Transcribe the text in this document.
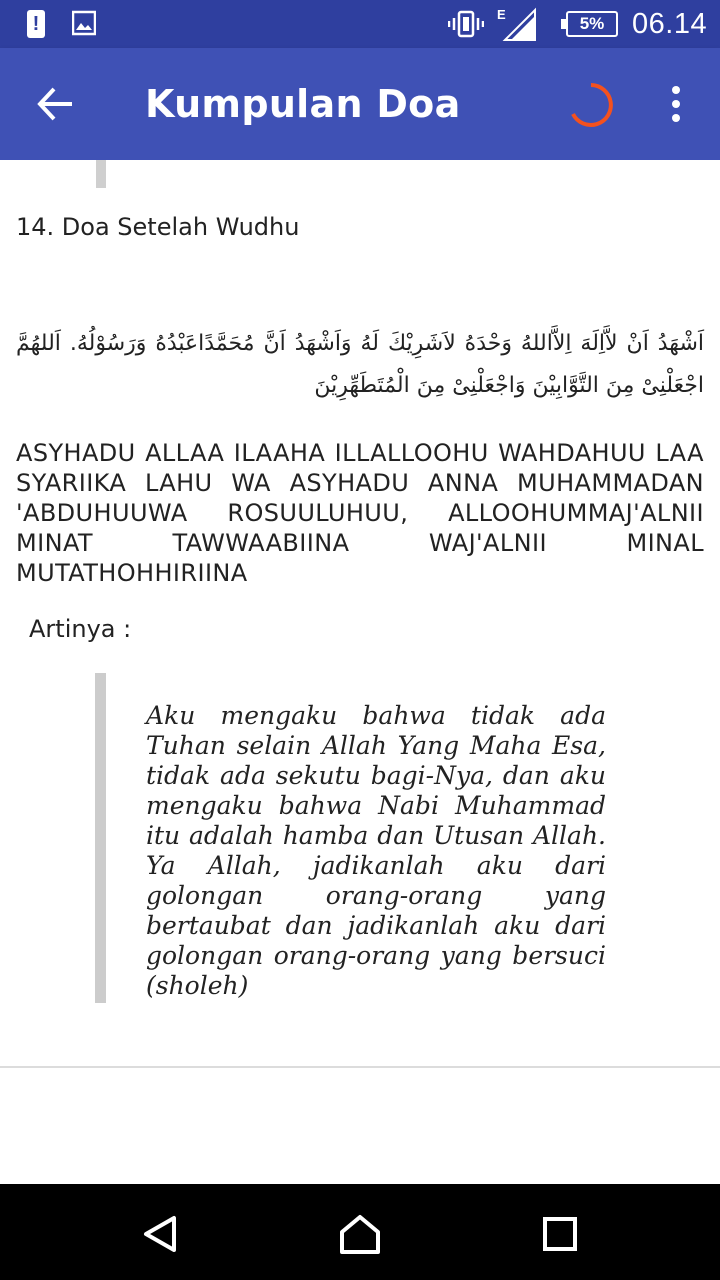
!	E	5% 06.14
Kumpulan Doa
14. Doa Setelah Wudhu
اَشْهَدُ اَنْ لاَّاِلَهَ اِلاَّاللهُ وَحْدَهُ لاَشَرِيْكَ لَهُ وَاَشْهَدُ اَنَّ مُحَمَّدًاعَبْدُهُ وَرَسُوْلُهُ. اَللهُمَّ اجْعَلْنِىْ مِنَ التَّوَّابِيْنَ وَاجْعَلْنِىْ مِنَ الْمُتَطَهِّرِيْنَ
ASYHADU ALLAA ILAAHA ILLALLOOHU WAHDAHUU LAA SYARIIKA LAHU WA ASYHADU ANNA MUHAMMADAN 'ABDUHUUWA ROSUULUHUU, ALLOOHUMMAJ'ALNII MINAT TAWWAABIINA WAJ'ALNII MINAL MUTATHOHHIRIINA
Artinya :
Aku mengaku bahwa tidak ada Tuhan selain Allah Yang Maha Esa, tidak ada sekutu bagi-Nya, dan aku mengaku bahwa Nabi Muhammad itu adalah hamba dan Utusan Allah. Ya Allah, jadikanlah aku dari golongan orang-orang yang bertaubat dan jadikanlah aku dari golongan orang-orang yang bersuci (sholeh)
